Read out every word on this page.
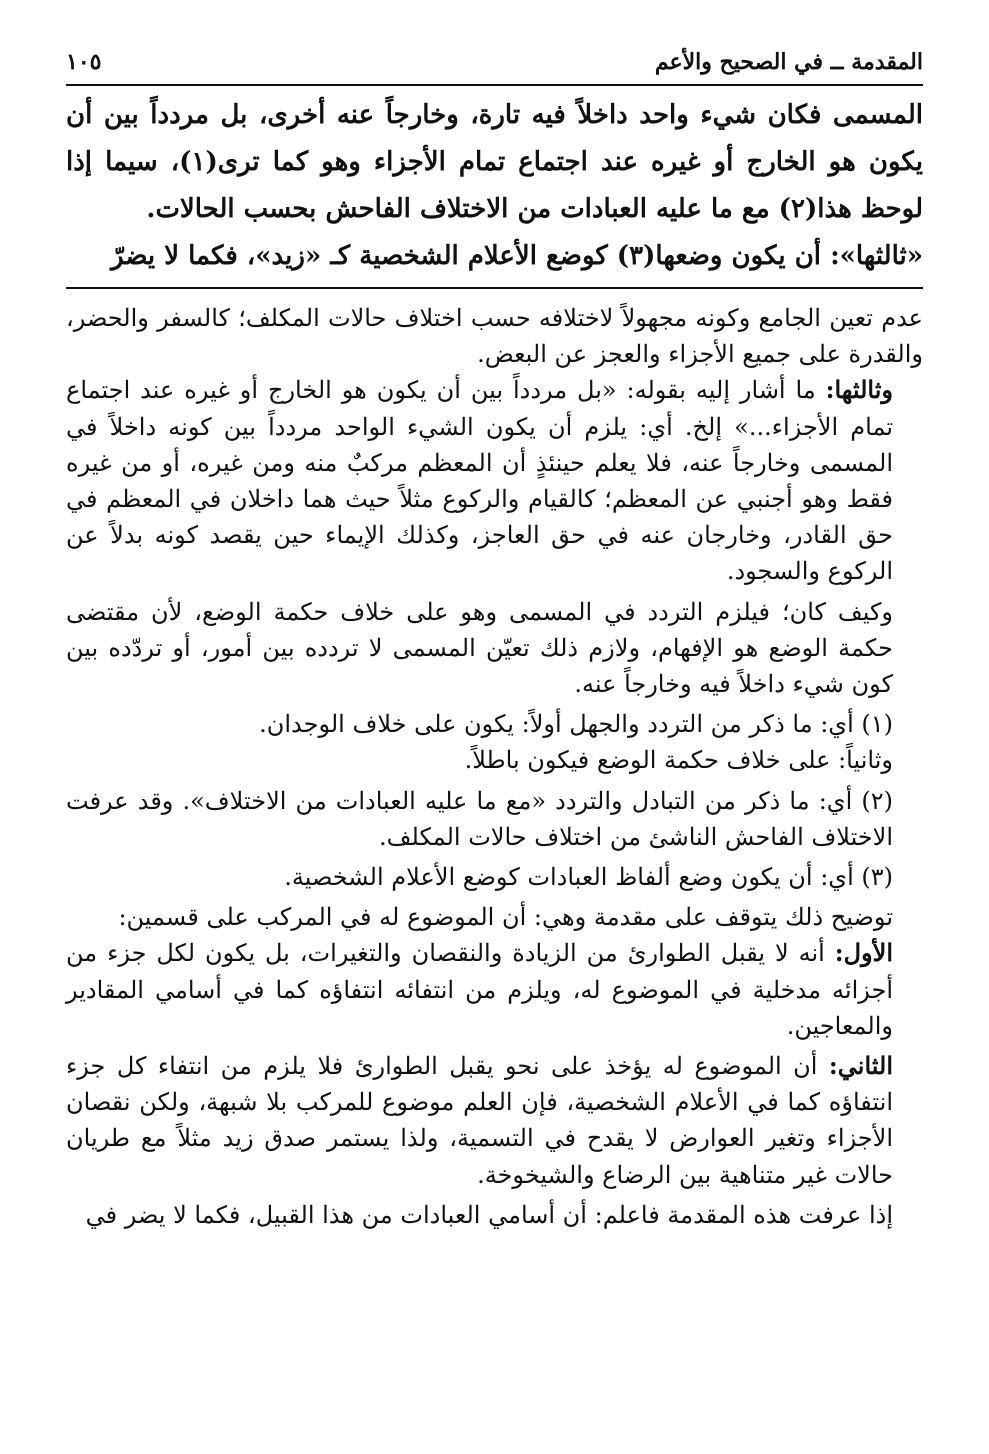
المقدمة ــ في الصحيح والأعم
١٠٥

المسمى فكان شيء واحد داخلاً فيه تارة، وخارجاً عنه أخرى، بل مردداً بين أن يكون هو الخارج أو غيره عند اجتماع تمام الأجزاء وهو كما ترى(١)، سيما إذا لوحظ هذا(٢) مع ما عليه العبادات من الاختلاف الفاحش بحسب الحالات.

«ثالثها»: أن يكون وضعها(٣) كوضع الأعلام الشخصية كـ «زيد»، فكما لا يضرّ

عدم تعين الجامع وكونه مجهولاً لاختلافه حسب اختلاف حالات المكلف؛ كالسفر والحضر، والقدرة على جميع الأجزاء والعجز عن البعض.

وثالثها: ما أشار إليه بقوله: «بل مردداً بين أن يكون هو الخارج أو غيره عند اجتماع تمام الأجزاء...» إلخ. أي: يلزم أن يكون الشيء الواحد مردداً بين كونه داخلاً في المسمى وخارجاً عنه، فلا يعلم حينئذٍ أن المعظم مركبٌ منه ومن غيره، أو من غيره فقط وهو أجنبي عن المعظم؛ كالقيام والركوع مثلاً حيث هما داخلان في المعظم في حق القادر، وخارجان عنه في حق العاجز، وكذلك الإيماء حين يقصد كونه بدلاً عن الركوع والسجود.

وكيف كان؛ فيلزم التردد في المسمى وهو على خلاف حكمة الوضع، لأن مقتضى حكمة الوضع هو الإفهام، ولازم ذلك تعيّن المسمى لا تردده بين أمور، أو تردّده بين كون شيء داخلاً فيه وخارجاً عنه.

(١) أي: ما ذكر من التردد والجهل أولاً: يكون على خلاف الوجدان.

وثانياً: على خلاف حكمة الوضع فيكون باطلاً.

(٢) أي: ما ذكر من التبادل والتردد «مع ما عليه العبادات من الاختلاف». وقد عرفت الاختلاف الفاحش الناشئ من اختلاف حالات المكلف.

(٣) أي: أن يكون وضع ألفاظ العبادات كوضع الأعلام الشخصية.

توضيح ذلك يتوقف على مقدمة وهي: أن الموضوع له في المركب على قسمين:

الأول: أنه لا يقبل الطوارئ من الزيادة والنقصان والتغيرات، بل يكون لكل جزء من أجزائه مدخلية في الموضوع له، ويلزم من انتفائه انتفاؤه كما في أسامي المقادير والمعاجين.

الثاني: أن الموضوع له يؤخذ على نحو يقبل الطوارئ فلا يلزم من انتفاء كل جزء انتفاؤه كما في الأعلام الشخصية، فإن العلم موضوع للمركب بلا شبهة، ولكن نقصان الأجزاء وتغير العوارض لا يقدح في التسمية، ولذا يستمر صدق زيد مثلاً مع طريان حالات غير متناهية بين الرضاع والشيخوخة.

إذا عرفت هذه المقدمة فاعلم: أن أسامي العبادات من هذا القبيل، فكما لا يضر في
